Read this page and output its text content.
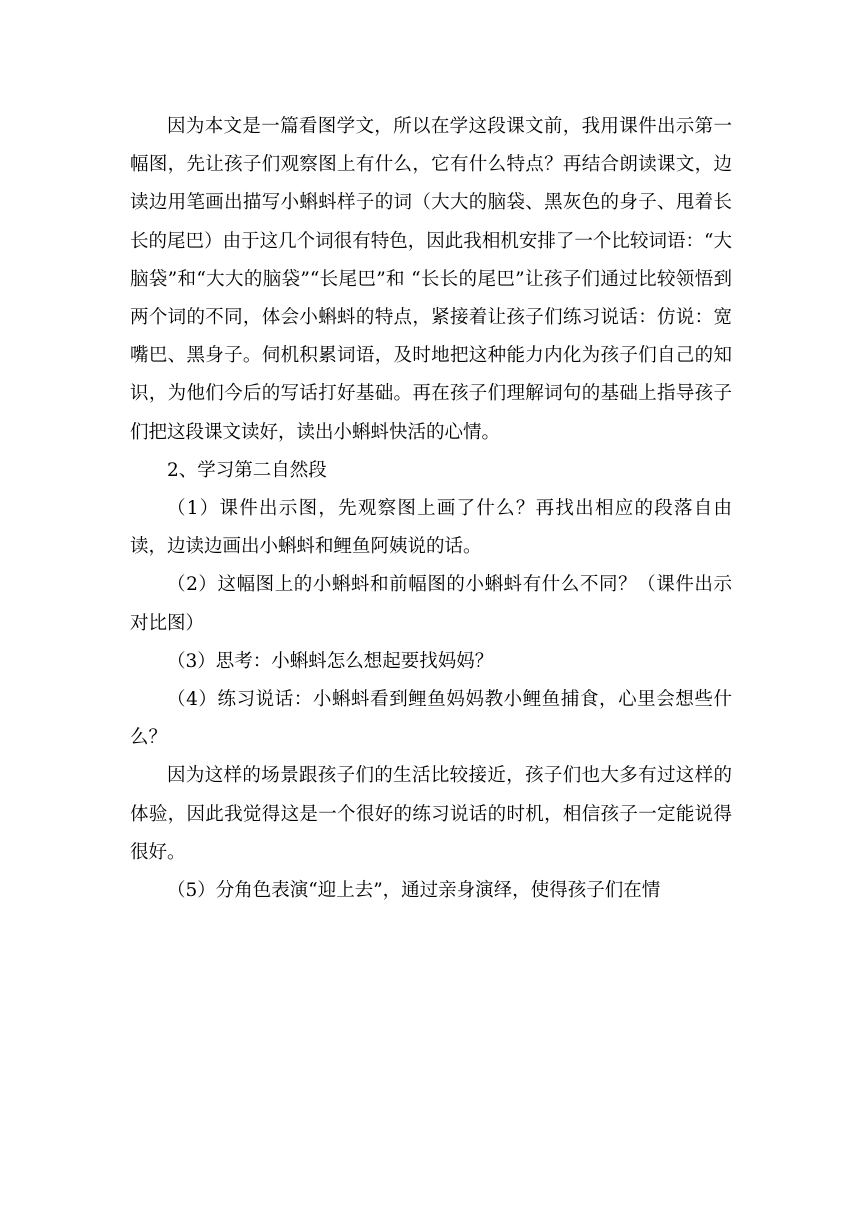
因为本文是一篇看图学文，所以在学这段课文前，我用课件出示第一幅图，先让孩子们观察图上有什么，它有什么特点？再结合朗读课文，边读边用笔画出描写小蝌蚪样子的词（大大的脑袋、黑灰色的身子、甩着长长的尾巴）由于这几个词很有特色，因此我相机安排了一个比较词语：“大脑袋”和“大大的脑袋”“长尾巴”和 “长长的尾巴”让孩子们通过比较领悟到两个词的不同，体会小蝌蚪的特点，紧接着让孩子们练习说话：仿说：宽嘴巴、黑身子。伺机积累词语，及时地把这种能力内化为孩子们自己的知识，为他们今后的写话打好基础。再在孩子们理解词句的基础上指导孩子们把这段课文读好，读出小蝌蚪快活的心情。

2、学习第二自然段

（1）课件出示图，先观察图上画了什么？再找出相应的段落自由读，边读边画出小蝌蚪和鲤鱼阿姨说的话。

（2）这幅图上的小蝌蚪和前幅图的小蝌蚪有什么不同？（课件出示对比图）

（3）思考：小蝌蚪怎么想起要找妈妈？

（4）练习说话：小蝌蚪看到鲤鱼妈妈教小鲤鱼捕食，心里会想些什么？

因为这样的场景跟孩子们的生活比较接近，孩子们也大多有过这样的体验，因此我觉得这是一个很好的练习说话的时机，相信孩子一定能说得很好。

（5）分角色表演“迎上去”，通过亲身演绎，使得孩子们在情
